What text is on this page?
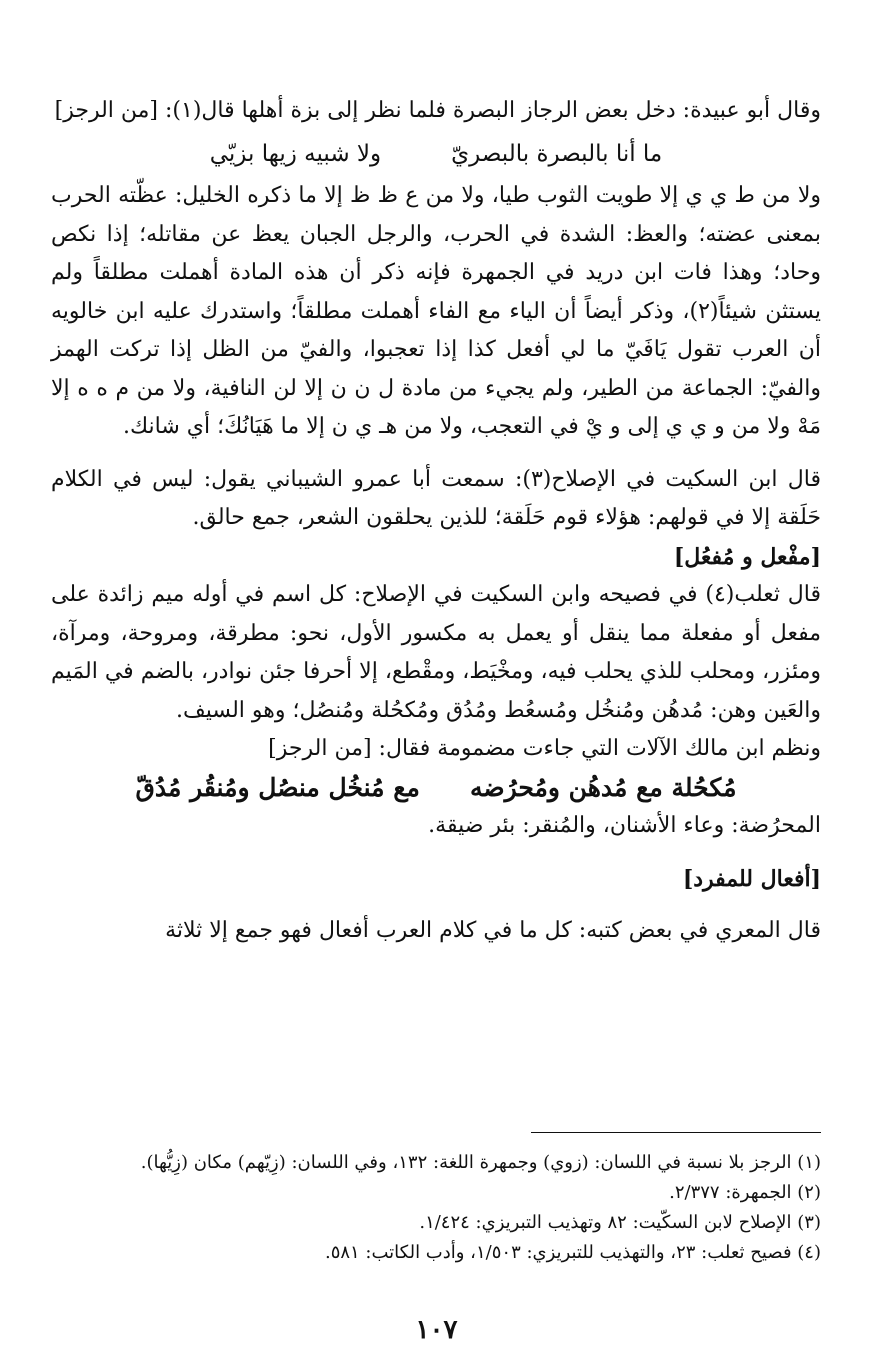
وقال أبو عبيدة: دخل بعض الرجاز البصرة فلما نظر إلى بزة أهلها قال(١): [من الرجز]

ما أنا بالبصرة بالبصريّ
ولا شبيه زيها بزيّي

ولا من ط ي ي إلا طويت الثوب طيا، ولا من ع ظ ظ إلا ما ذكره الخليل: عظّته الحرب بمعنى عضته؛ والعظ: الشدة في الحرب، والرجل الجبان يعظ عن مقاتله؛ إذا نكص وحاد؛ وهذا فات ابن دريد في الجمهرة فإنه ذكر أن هذه المادة أهملت مطلقاً ولم يستثن شيئاً(٢)، وذكر أيضاً أن الياء مع الفاء أهملت مطلقاً؛ واستدرك عليه ابن خالويه أن العرب تقول يَافَيّ ما لي أفعل كذا إذا تعجبوا، والفيّ من الظل إذا تركت الهمز والفيّ: الجماعة من الطير، ولم يجيء من مادة ل ن ن إلا لن النافية، ولا من م ه ه إلا مَهْ ولا من و ي ي إلى و يْ في التعجب، ولا من هـ ي ن إلا ما هَيَانُكَ؛ أي شانك.

قال ابن السكيت في الإصلاح(٣): سمعت أبا عمرو الشيباني يقول: ليس في الكلام حَلَقة إلا في قولهم: هؤلاء قوم حَلَقة؛ للذين يحلقون الشعر، جمع حالق.

[مفْعل و مُفعُل]

قال ثعلب(٤) في فصيحه وابن السكيت في الإصلاح: كل اسم في أوله ميم زائدة على مفعل أو مفعلة مما ينقل أو يعمل به مكسور الأول، نحو: مطرقة، ومروحة، ومرآة، ومئزر، ومحلب للذي يحلب فيه، ومخْيَط، ومقْطع، إلا أحرفا جئن نوادر، بالضم في المَيم والعَين وهن: مُدهُن ومُنخُل ومُسعُط ومُدُق ومُكحُلة ومُنصُل؛ وهو السيف.

ونظم ابن مالك الآلات التي جاءت مضمومة فقال: [من الرجز]

مُكحُلة مع مُدهُن ومُحرُضه
مع مُنخُل منصُل ومُنقُر مُدُقّ

المحرُضة: وعاء الأشنان، والمُنقر: بئر ضيقة.

[أفعال للمفرد]

قال المعري في بعض كتبه: كل ما في كلام العرب أفعال فهو جمع إلا ثلاثة

(١) الرجز بلا نسبة في اللسان: (زوي) وجمهرة اللغة: ١٣٢، وفي اللسان: (زِيّهم) مكان (زِيُّها).
(٢) الجمهرة: ٢/٣٧٧.
(٣) الإصلاح لابن السكّيت: ٨٢ وتهذيب التبريزي: ١/٤٢٤.
(٤) فصيح ثعلب: ٢٣، والتهذيب للتبريزي: ١/٥٠٣، وأدب الكاتب: ٥٨١.
١٠٧
